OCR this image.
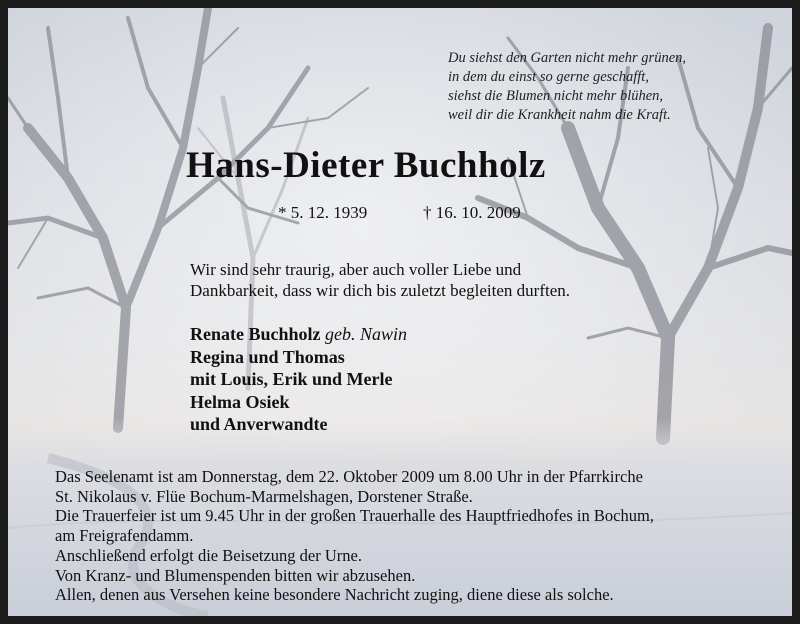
Du siehst den Garten nicht mehr grünen,
in dem du einst so gerne geschafft,
siehst die Blumen nicht mehr blühen,
weil dir die Krankheit nahm die Kraft.
Hans-Dieter Buchholz
* 5. 12. 1939	† 16. 10. 2009
Wir sind sehr traurig, aber auch voller Liebe und
Dankbarkeit, dass wir dich bis zuletzt begleiten durften.
Renate Buchholz geb. Nawin
Regina und Thomas
mit Louis, Erik und Merle
Helma Osiek
und Anverwandte
Das Seelenamt ist am Donnerstag, dem 22. Oktober 2009 um 8.00 Uhr in der Pfarrkirche
St. Nikolaus v. Flüe Bochum-Marmelshagen, Dorstener Straße.
Die Trauerfeier ist um 9.45 Uhr in der großen Trauerhalle des Hauptfriedhofes in Bochum,
am Freigrafendamm.
Anschließend erfolgt die Beisetzung der Urne.
Von Kranz- und Blumenspenden bitten wir abzusehen.
Allen, denen aus Versehen keine besondere Nachricht zuging, diene diese als solche.
